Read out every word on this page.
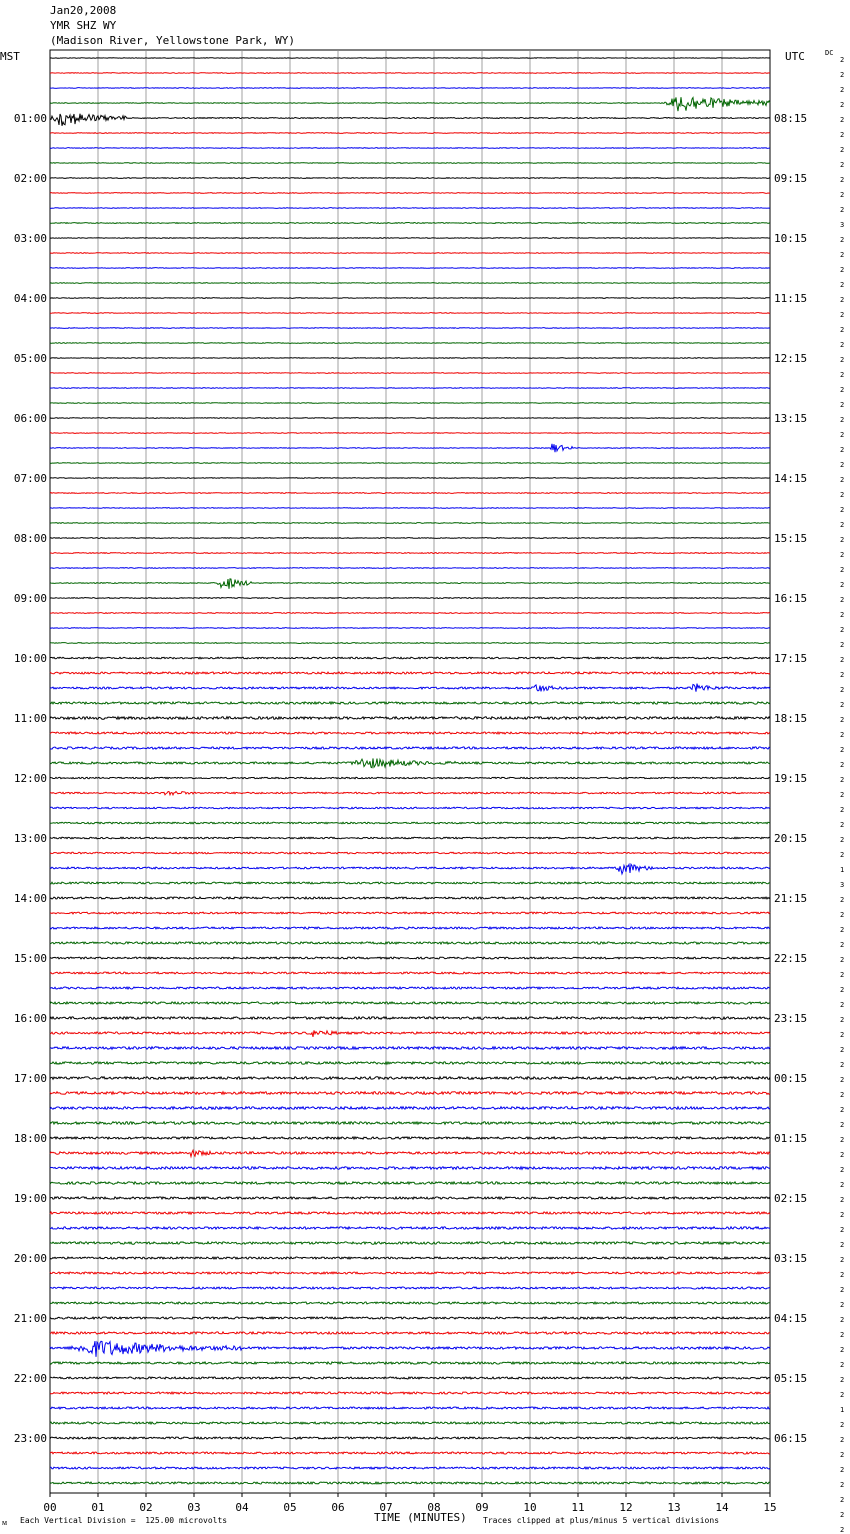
Jan20,2008
YMR SHZ WY
(Madison River, Yellowstone Park, WY)
MST	UTC	DC
01:00	08:15
02:00	09:15
03:00	10:15
04:00	11:15
05:00	12:15
06:00	13:15
07:00	14:15
08:00	15:15
09:00	16:15
10:00	17:15
11:00	18:15
12:00	19:15
13:00	20:15
14:00	21:15
15:00	22:15
16:00	23:15
17:00	00:15
18:00	01:15
19:00	02:15
20:00	03:15
21:00	04:15
22:00	05:15
23:00	06:15
2
2
2
2
2
2
2
2
2
2
2
3
2
2
2
2
2
2
2
2
2
2
2
2
2
2
2
2
2
2
2
2
2
2
2
2
2
2
2
2
2
2
2
2
2
2
2
2
2
2
2
2
2
2
1
3
2
2
2
2
2
2
2
2
2
2
2
2
2
2
2
2
2
2
2
2
2
2
2
2
2
2
2
2
2
2
2
2
2
2
1
2
2
2
2
2
2
2
2
00	01	02	03	04	05	06	07	08	09	10	11	12	13	14	15
ᴍ Each Vertical Division =  125.00 microvolts	TIME (MINUTES) Traces clipped at plus/minus 5 vertical divisions
